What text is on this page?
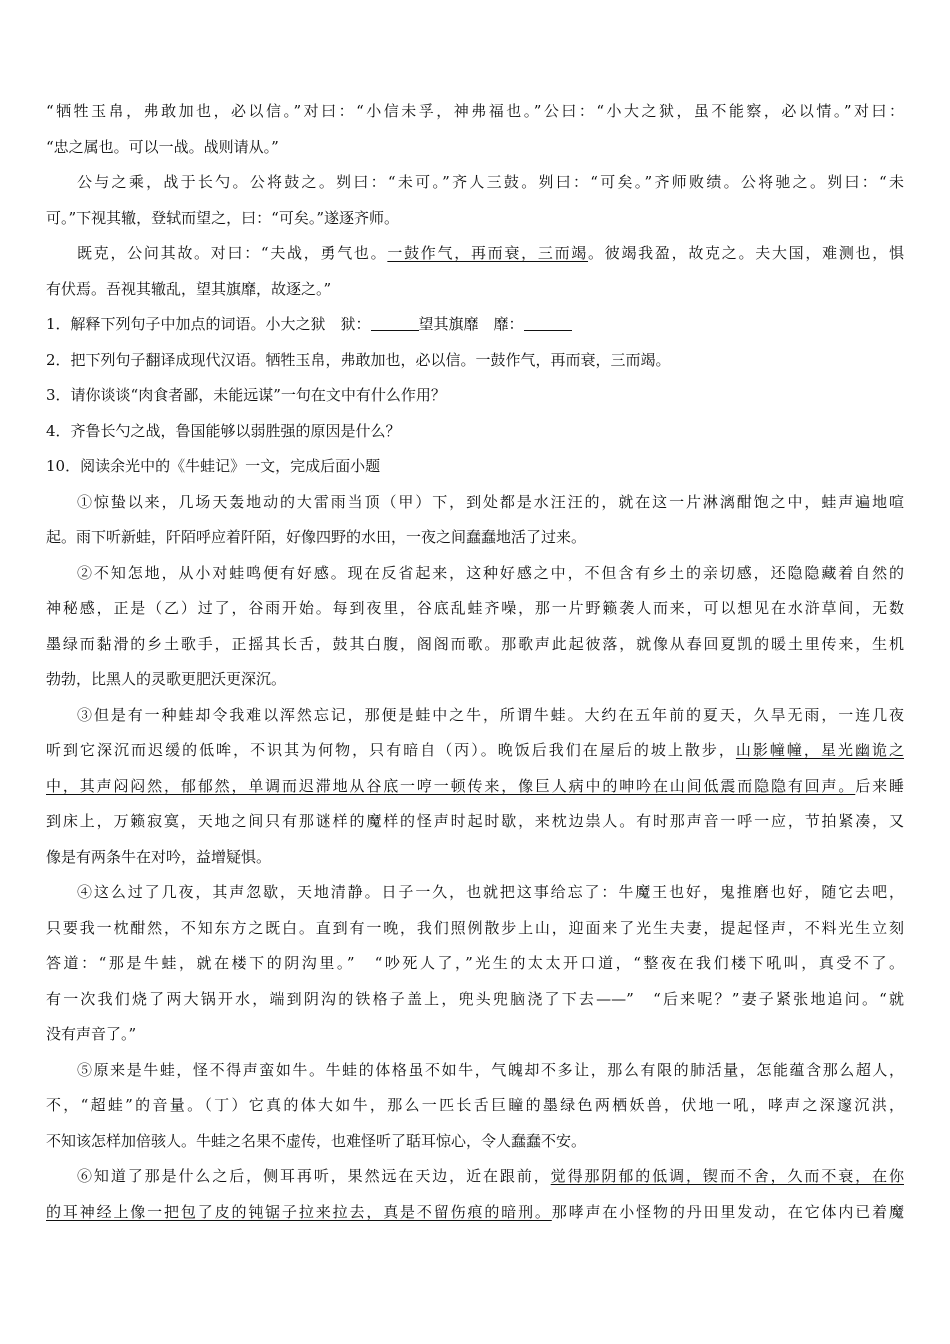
“牺牲玉帛，弗敢加也，必以信。”对曰：“小信未孚，神弗福也。”公曰：“小大之狱，虽不能察，必以情。”对曰：
“忠之属也。可以一战。战则请从。”
公与之乘，战于长勺。公将鼓之。刿曰：“未可。”齐人三鼓。刿曰：“可矣。”齐师败绩。公将驰之。刿曰：“未
可。”下视其辙，登轼而望之，曰：“可矣。”遂逐齐师。
既克，公问其故。对曰：“夫战，勇气也。一鼓作气，再而衰，三而竭。彼竭我盈，故克之。夫大国，难测也，惧
有伏焉。吾视其辙乱，望其旗靡，故逐之。”
1．解释下列句子中加点的词语。小大之狱　狱：	望其旗靡　靡：
2．把下列句子翻译成现代汉语。牺牲玉帛，弗敢加也，必以信。一鼓作气，再而衰，三而竭。
3．请你谈谈“肉食者鄙，未能远谋”一句在文中有什么作用？
4．齐鲁长勺之战，鲁国能够以弱胜强的原因是什么？
10．阅读余光中的《牛蛙记》一文，完成后面小题
①惊蛰以来，几场天轰地动的大雷雨当顶（甲）下，到处都是水汪汪的，就在这一片淋漓酣饱之中，蛙声遍地喧
起。雨下听新蛙，阡陌呼应着阡陌，好像四野的水田，一夜之间蠢蠢地活了过来。
②不知怎地，从小对蛙鸣便有好感。现在反省起来，这种好感之中，不但含有乡土的亲切感，还隐隐藏着自然的
神秘感，正是（乙）过了，谷雨开始。每到夜里，谷底乱蛙齐噪，那一片野籁袭人而来，可以想见在水浒草间，无数
墨绿而黏滑的乡土歌手，正摇其长舌，鼓其白腹，阁阁而歌。那歌声此起彼落，就像从春回夏凯的暖土里传来，生机
勃勃，比黑人的灵歌更肥沃更深沉。
③但是有一种蛙却令我难以浑然忘记，那便是蛙中之牛，所谓牛蛙。大约在五年前的夏天，久旱无雨，一连几夜
听到它深沉而迟缓的低哞，不识其为何物，只有暗自（丙）。晚饭后我们在屋后的坡上散步，山影幢幢，星光幽诡之
中，其声闷闷然，郁郁然，单调而迟滞地从谷底一哼一顿传来，像巨人病中的呻吟在山间低震而隐隐有回声。后来睡
到床上，万籁寂寞，天地之间只有那谜样的魔样的怪声时起时歇，来枕边祟人。有时那声音一呼一应，节拍紧凑，又
像是有两条牛在对吟，益增疑惧。
④这么过了几夜，其声忽歇，天地清静。日子一久，也就把这事给忘了：牛魔王也好，鬼推磨也好，随它去吧，
只要我一枕酣然，不知东方之既白。直到有一晚，我们照例散步上山，迎面来了光生夫妻，提起怪声，不料光生立刻
答道：“那是牛蛙，就在楼下的阴沟里。”　“吵死人了，”光生的太太开口道，“整夜在我们楼下吼叫，真受不了。
有一次我们烧了两大锅开水，端到阴沟的铁格子盖上，兜头兜脑浇了下去——”　“后来呢？”妻子紧张地追问。“就
没有声音了。”
⑤原来是牛蛙，怪不得声蛮如牛。牛蛙的体格虽不如牛，气魄却不多让，那么有限的肺活量，怎能蕴含那么超人，
不，“超蛙”的音量。（丁）它真的体大如牛，那么一匹长舌巨瞳的墨绿色两栖妖兽，伏地一吼，哮声之深邃沉洪，
不知该怎样加倍骇人。牛蛙之名果不虚传，也难怪听了聒耳惊心，令人蠢蠢不安。
⑥知道了那是什么之后，侧耳再听，果然远在天边，近在跟前，觉得那阴郁的低调，锲而不舍，久而不衰，在你
的耳神经上像一把包了皮的钝锯子拉来拉去，真是不留伤痕的暗刑。那哮声在小怪物的丹田里发动，在它体内已着魔
